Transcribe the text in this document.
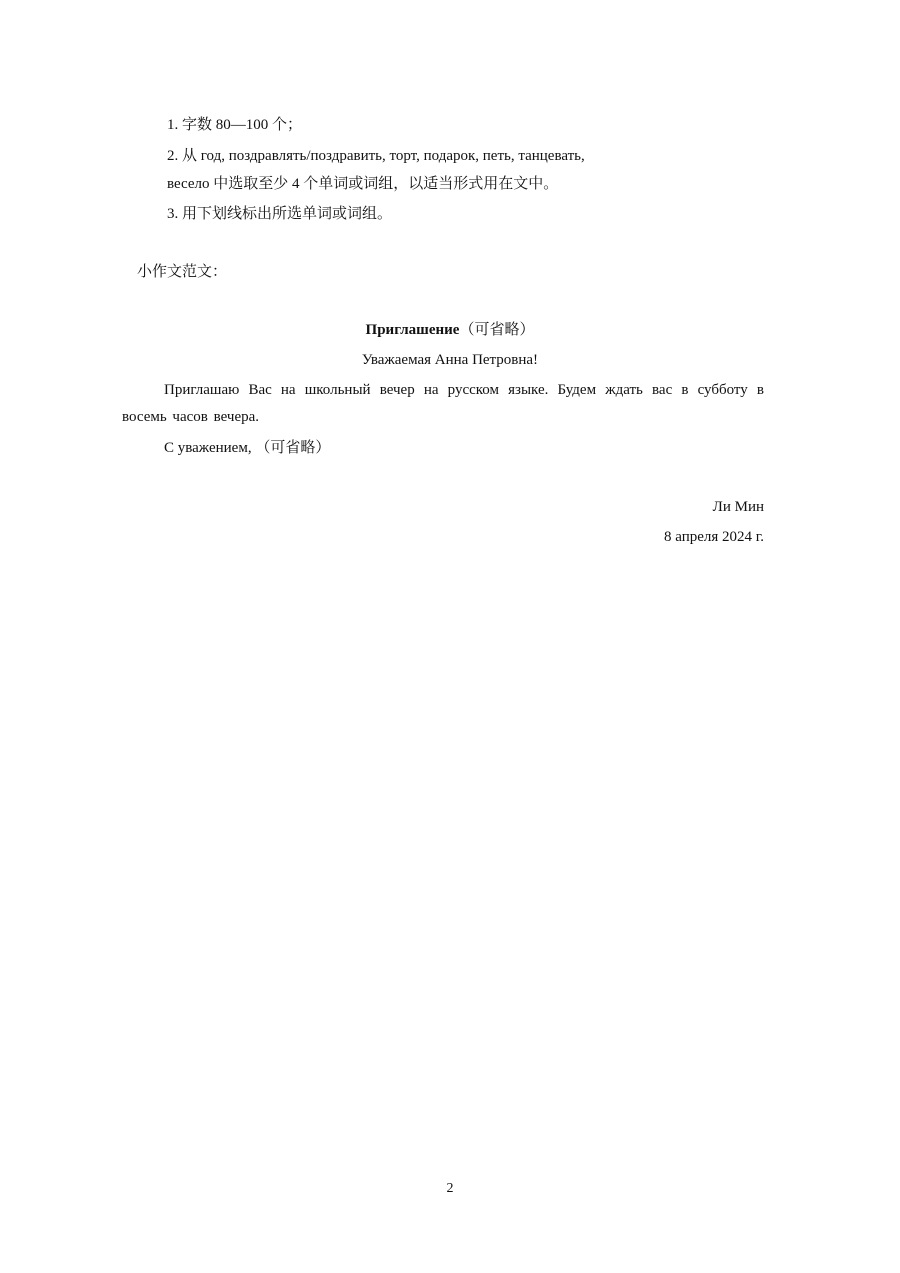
1. 字数 80—100 个；
2. 从 год, поздравлять/поздравить, торт, подарок, петь, танцевать,
весело 中选取至少 4 个单词或词组，以适当形式用在文中。
3. 用下划线标出所选单词或词组。
小作文范文：
Приглашение（可省略）
Уважаемая Анна Петровна!
Приглашаю Вас на школьный вечер на русском языке. Будем ждать вас в субботу в восемь часов вечера.
С уважением, （可省略）
Ли Мин
8 апреля 2024 г.
2
